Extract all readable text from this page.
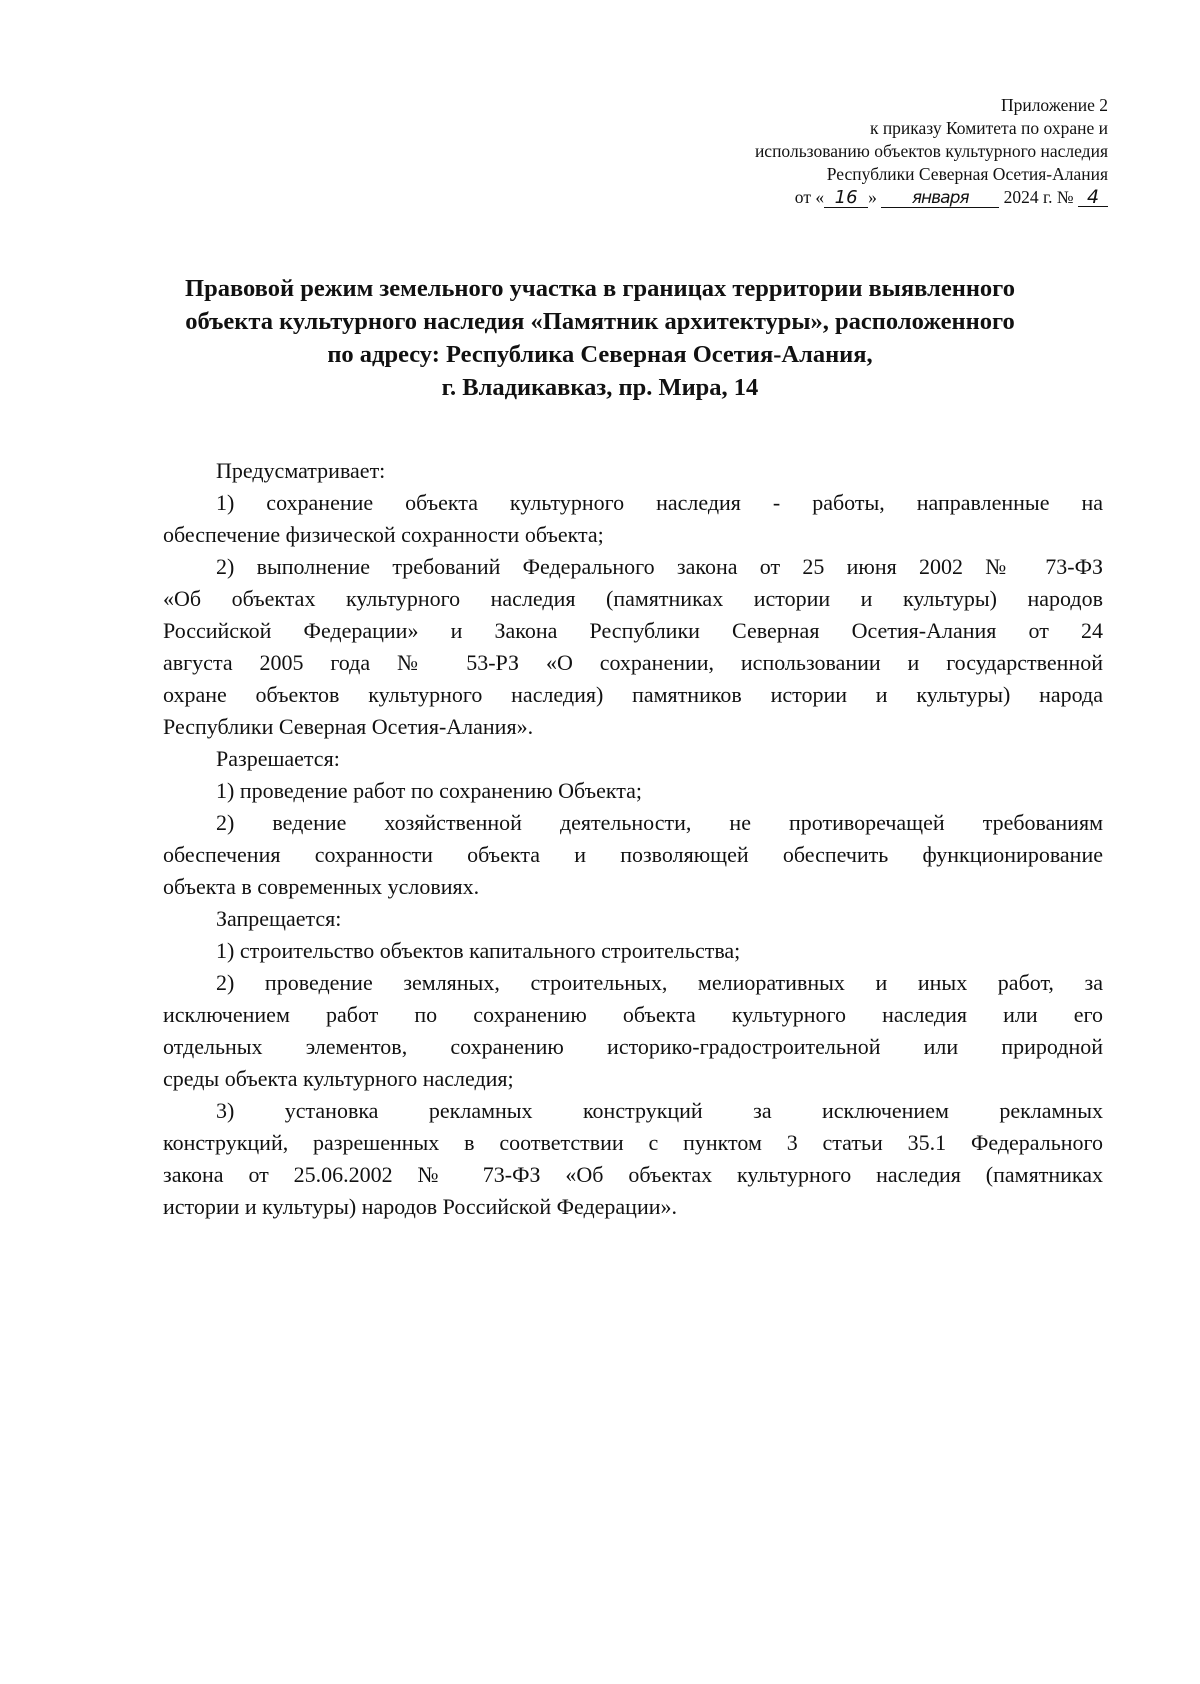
Приложение 2
к приказу Комитета по охране и
использованию объектов культурного наследия
Республики Северная Осетия-Алания
от « 16 » января 2024 г. № 4
Правовой режим земельного участка в границах территории выявленного
объекта культурного наследия «Памятник архитектуры», расположенного
по адресу: Республика Северная Осетия-Алания,
г. Владикавказ, пр. Мира, 14
Предусматривает:
1) сохранение объекта культурного наследия - работы, направленные на
обеспечение физической сохранности объекта;
2) выполнение требований Федерального закона от 25 июня 2002 № 73-ФЗ
«Об объектах культурного наследия (памятниках истории и культуры) народов
Российской Федерации» и Закона Республики Северная Осетия-Алания от 24
августа 2005 года № 53-РЗ «О сохранении, использовании и государственной
охране объектов культурного наследия) памятников истории и культуры) народа
Республики Северная Осетия-Алания».
Разрешается:
1) проведение работ по сохранению Объекта;
2) ведение хозяйственной деятельности, не противоречащей требованиям
обеспечения сохранности объекта и позволяющей обеспечить функционирование
объекта в современных условиях.
Запрещается:
1) строительство объектов капитального строительства;
2) проведение земляных, строительных, мелиоративных и иных работ, за
исключением работ по сохранению объекта культурного наследия или его
отдельных элементов, сохранению историко-градостроительной или природной
среды объекта культурного наследия;
3) установка рекламных конструкций за исключением рекламных
конструкций, разрешенных в соответствии с пунктом 3 статьи 35.1 Федерального
закона от 25.06.2002 № 73-ФЗ «Об объектах культурного наследия (памятниках
истории и культуры) народов Российской Федерации».
